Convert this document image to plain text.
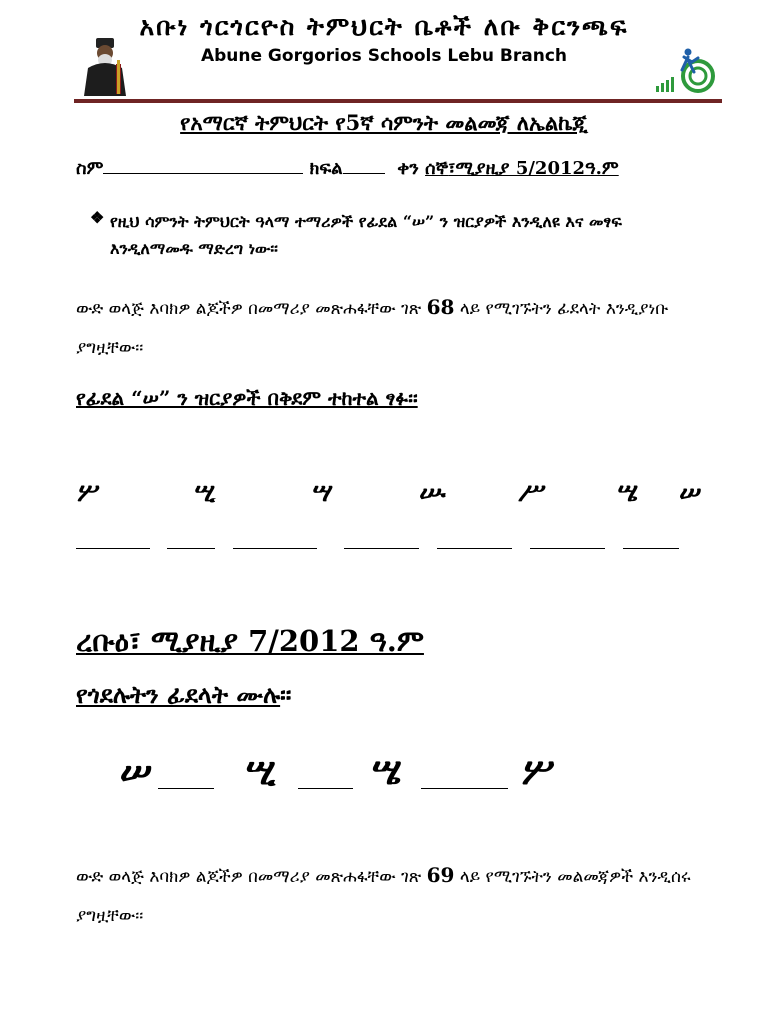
አቡነ ጎርጎርዮስ ትምህርት ቤቶች ለቡ ቅርንጫፍ
Abune Gorgorios Schools Lebu Branch
የአማርኛ ትምህርት የ5ኛ ሳምንት መልመጃ ለኤልኬጂ
ስም	ክፍል	ቀን ሰኞ፣ሚያዚያ 5/2012ዓ.ም
❖ የዚህ ሳምንት ትምህርት ዓላማ ተማሪዎች የፊደል “ሠ” ን ዝርያዎች እንዲለዩ እና መፃፍ እንዲለማመዱ ማድረግ ነው፡፡
ውድ ወላጅ እባክዎ ልጆችዎ በመማሪያ መጽሐፋቸው ገጽ 68 ላይ የሚገኙትን ፊደላት እንዲያነቡ ያግዟቸው፡፡
የፊደል “ሠ” ን ዝርያዎች በቅደም ተከተል ፃፉ፡፡
ሦ	ሢ	ሣ	ሡ	ሥ	ሤ ሠ
ረቡዕ፣ ሚያዚያ 7/2012 ዓ.ም
የጎደሉትን ፊደላት ሙሉ፡፡
ሠ ሢ ሤ	ሦ
ውድ ወላጅ እባክዎ ልጆችዎ በመማሪያ መጽሐፋቸው ገጽ 69 ላይ የሚገኙትን መልመጃዎች እንዲሰሩ ያግዟቸው፡፡
